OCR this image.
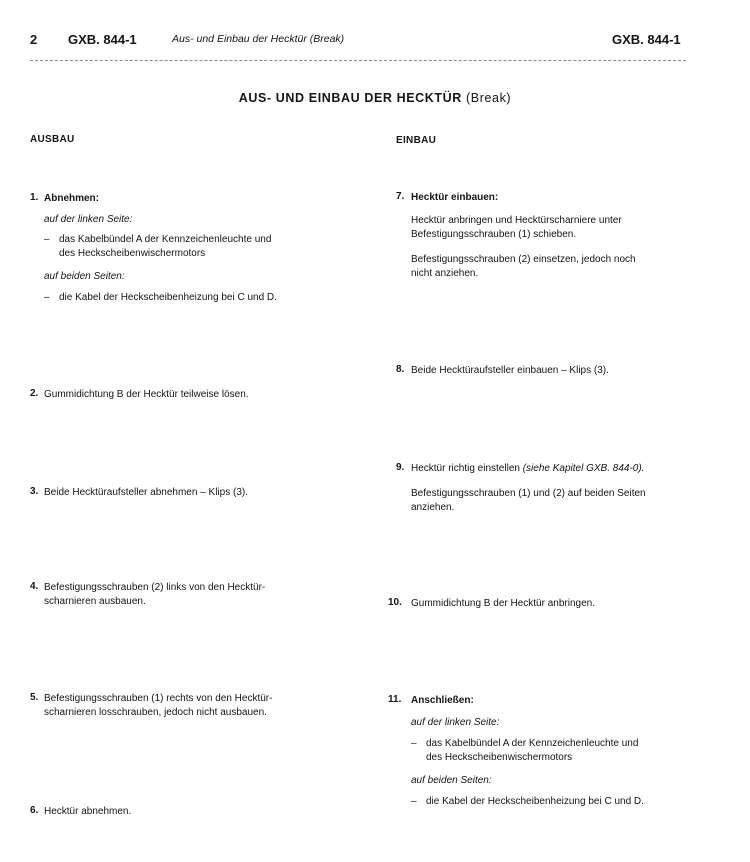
2 GXB. 844-1	Aus- und Einbau der Hecktür (Break)	GXB. 844-1
AUS- UND EINBAU DER HECKTÜR (Break)
AUSBAU
1. Abnehmen:
auf der linken Seite:
– das Kabelbündel A der Kennzeichenleuchte und
des Heckscheibenwischermotors
auf beiden Seiten:
– die Kabel der Heckscheibenheizung bei C und D.
2. Gummidichtung B der Hecktür teilweise lösen.
3. Beide Hecktüraufsteller abnehmen – Klips (3).
4. Befestigungsschrauben (2) links von den Hecktür-
scharnieren ausbauen.
5. Befestigungsschrauben (1) rechts von den Hecktür-
scharnieren losschrauben, jedoch nicht ausbauen.
6. Hecktür abnehmen.
EINBAU
7. Hecktür einbauen:
Hecktür anbringen und Hecktürscharniere unter
Befestigungsschrauben (1) schieben.
Befestigungsschrauben (2) einsetzen, jedoch noch
nicht anziehen.
8. Beide Hecktüraufsteller einbauen – Klips (3).
9. Hecktür richtig einstellen (siehe Kapitel GXB. 844-0).
Befestigungsschrauben (1) und (2) auf beiden Seiten
anziehen.
10. Gummidichtung B der Hecktür anbringen.
11. Anschließen:
auf der linken Seite:
– das Kabelbündel A der Kennzeichenleuchte und
des Heckscheibenwischermotors
auf beiden Seiten:
– die Kabel der Heckscheibenheizung bei C und D.
